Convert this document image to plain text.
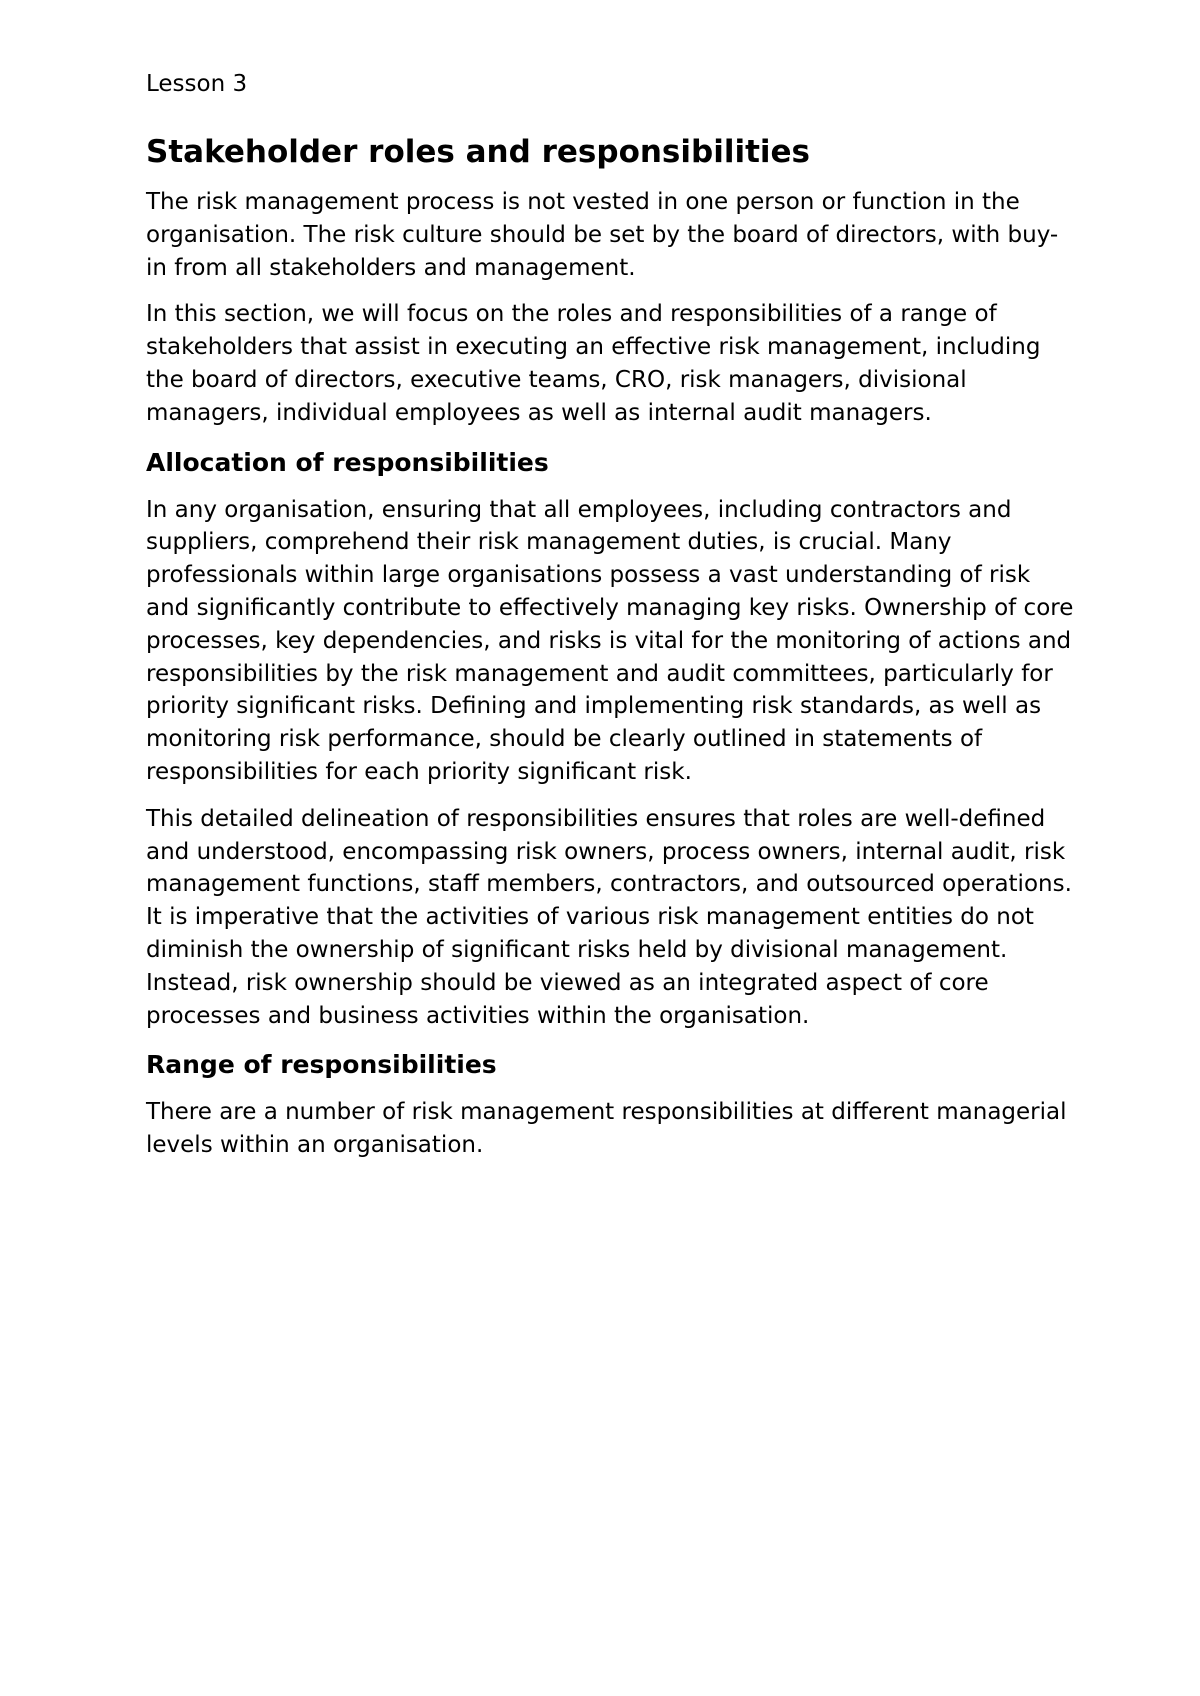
Lesson 3
Stakeholder roles and responsibilities

The risk management process is not vested in one person or function in the organisation. The risk culture should be set by the board of directors, with buy-in from all stakeholders and management.

In this section, we will focus on the roles and responsibilities of a range of stakeholders that assist in executing an effective risk management, including the board of directors, executive teams, CRO, risk managers, divisional managers, individual employees as well as internal audit managers.

Allocation of responsibilities

In any organisation, ensuring that all employees, including contractors and suppliers, comprehend their risk management duties, is crucial. Many professionals within large organisations possess a vast understanding of risk and significantly contribute to effectively managing key risks. Ownership of core processes, key dependencies, and risks is vital for the monitoring of actions and responsibilities by the risk management and audit committees, particularly for priority significant risks. Defining and implementing risk standards, as well as monitoring risk performance, should be clearly outlined in statements of responsibilities for each priority significant risk.

This detailed delineation of responsibilities ensures that roles are well-defined and understood, encompassing risk owners, process owners, internal audit, risk management functions, staff members, contractors, and outsourced operations. It is imperative that the activities of various risk management entities do not diminish the ownership of significant risks held by divisional management. Instead, risk ownership should be viewed as an integrated aspect of core processes and business activities within the organisation.

Range of responsibilities

There are a number of risk management responsibilities at different managerial levels within an organisation.
